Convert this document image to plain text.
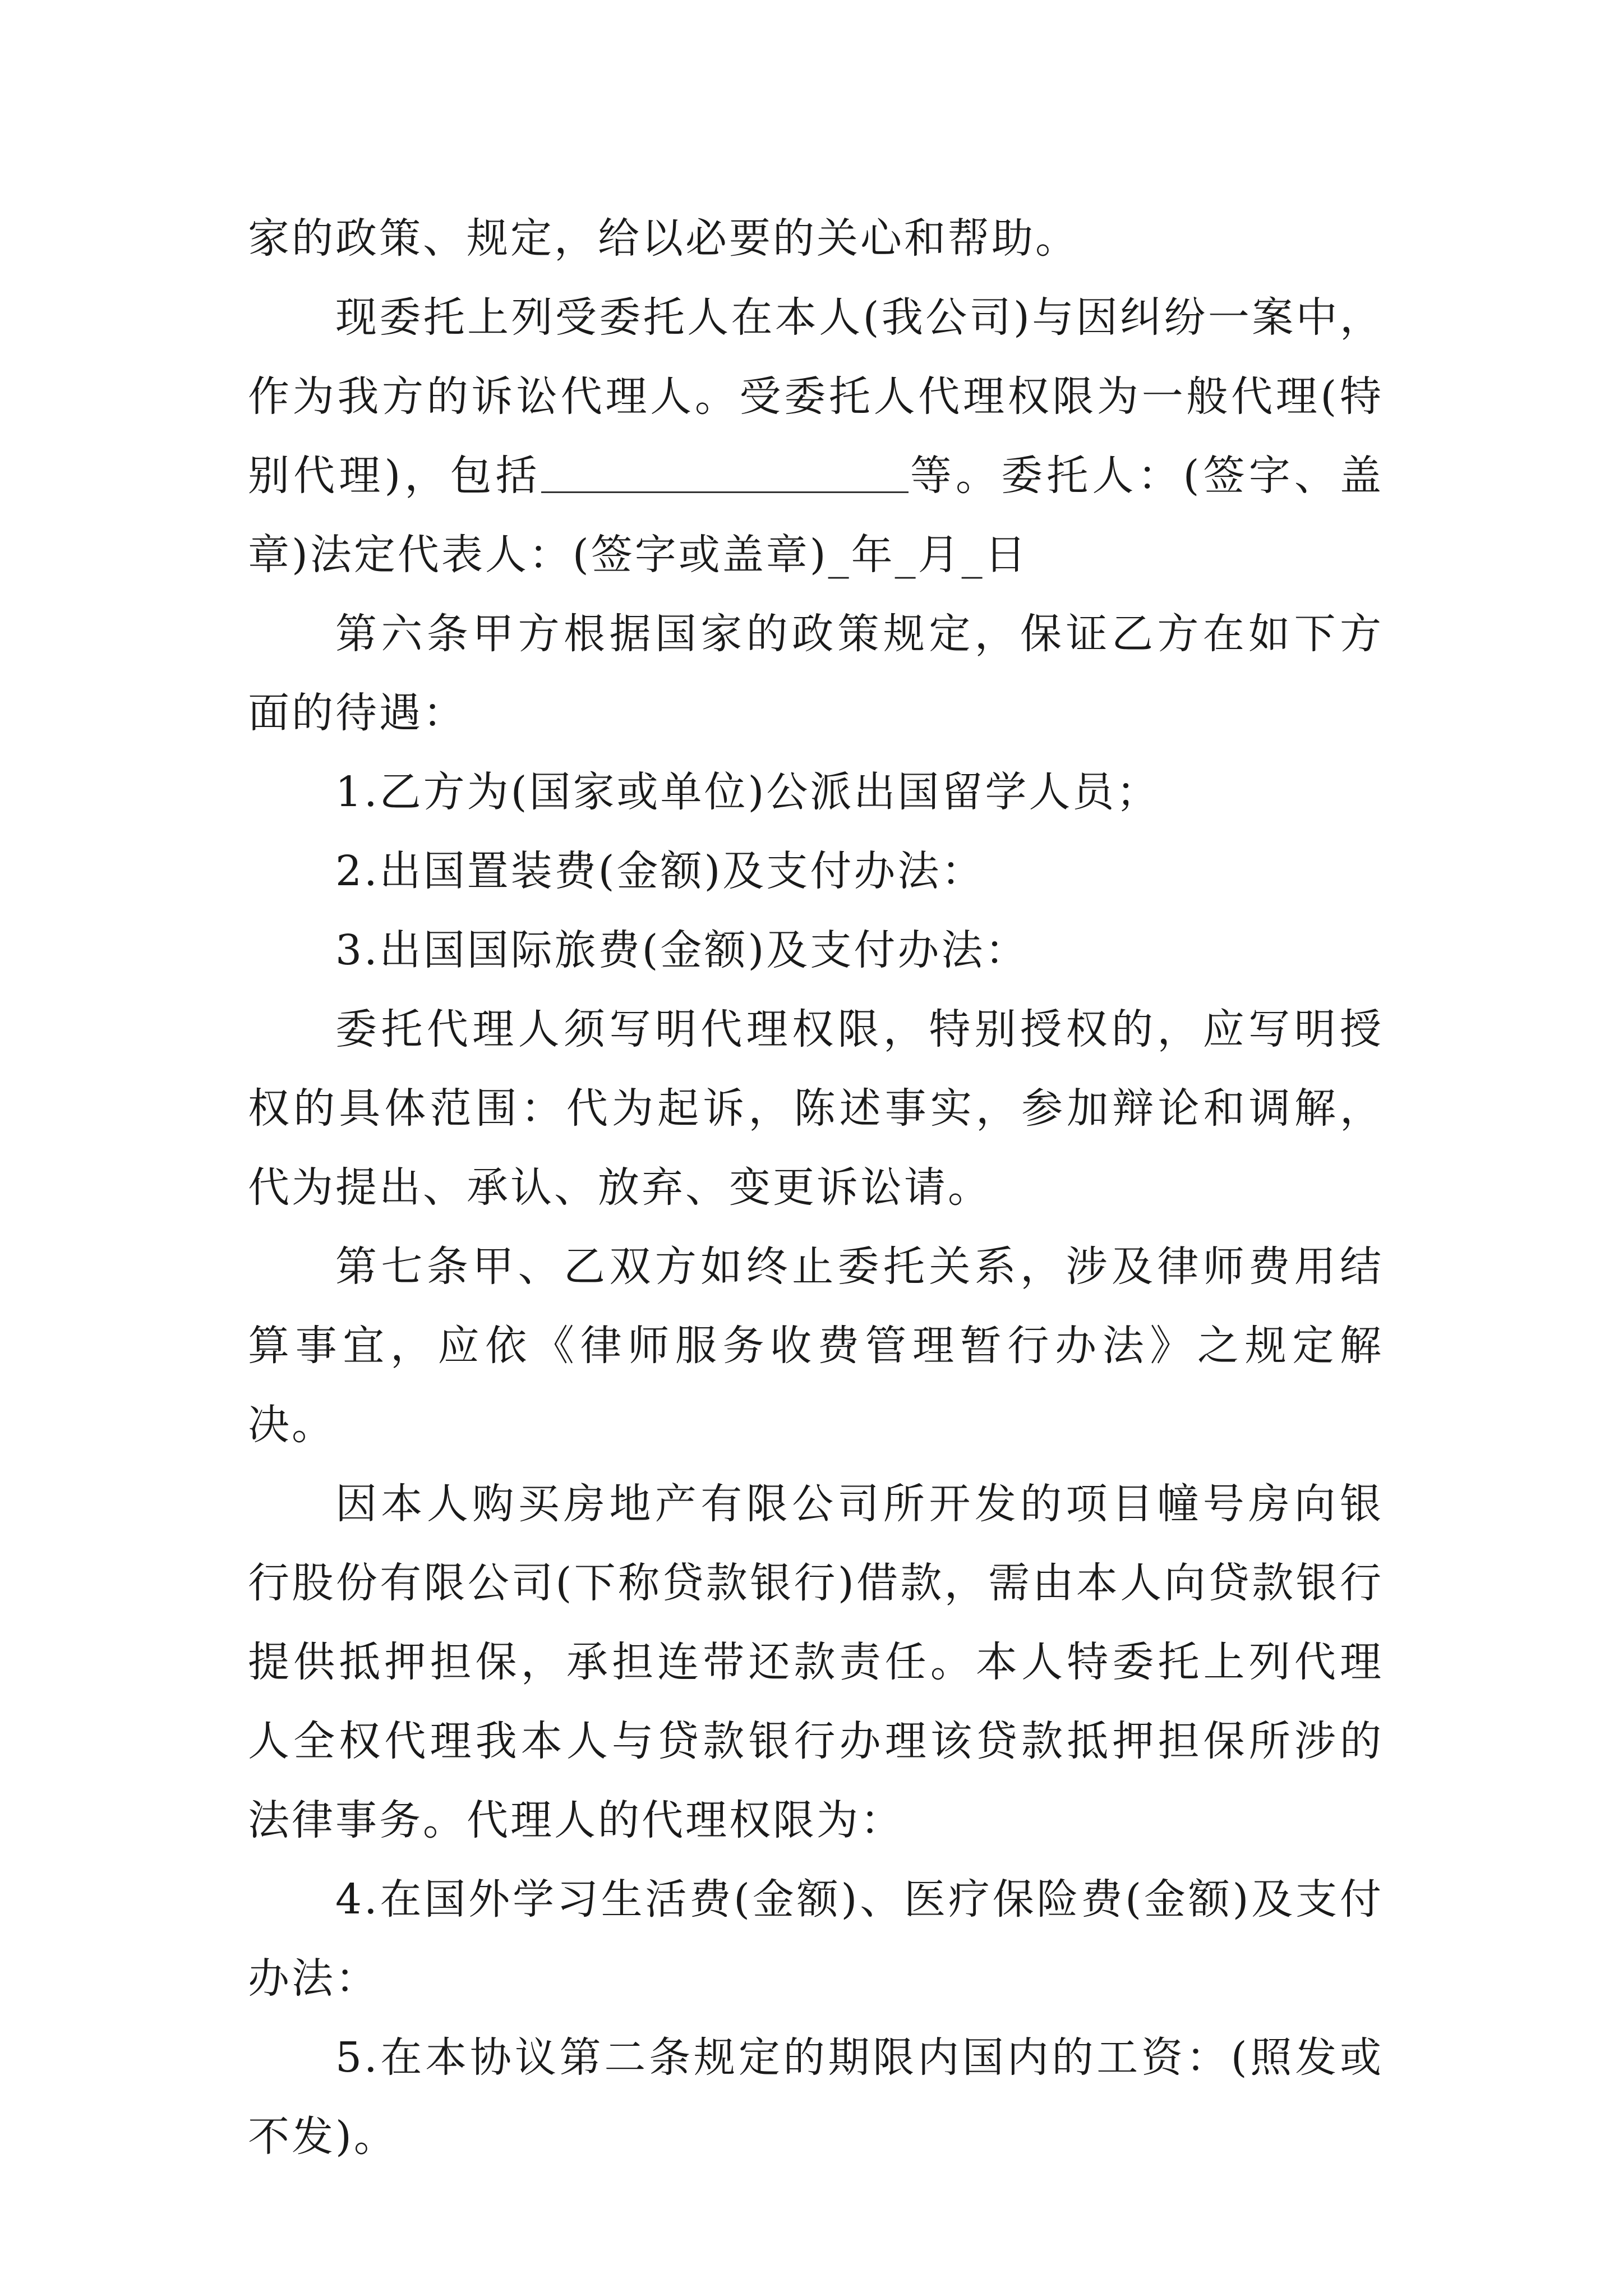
家的政策、规定，给以必要的关心和帮助。

现委托上列受委托人在本人(我公司)与因纠纷一案中，作为我方的诉讼代理人。受委托人代理权限为一般代理(特别代理)，包括	等。委托人：(签字、盖章)法定代表人：(签字或盖章)_年_月_日

第六条甲方根据国家的政策规定，保证乙方在如下方面的待遇：

1.乙方为(国家或单位)公派出国留学人员；

2.出国置装费(金额)及支付办法：

3.出国国际旅费(金额)及支付办法：

委托代理人须写明代理权限，特别授权的，应写明授权的具体范围：代为起诉，陈述事实，参加辩论和调解，代为提出、承认、放弃、变更诉讼请。

第七条甲、乙双方如终止委托关系，涉及律师费用结算事宜，应依《律师服务收费管理暂行办法》之规定解决。

因本人购买房地产有限公司所开发的项目幢号房向银行股份有限公司(下称贷款银行)借款，需由本人向贷款银行提供抵押担保，承担连带还款责任。本人特委托上列代理人全权代理我本人与贷款银行办理该贷款抵押担保所涉的法律事务。代理人的代理权限为：

4.在国外学习生活费(金额)、医疗保险费(金额)及支付办法：

5.在本协议第二条规定的期限内国内的工资：(照发或不发)。
